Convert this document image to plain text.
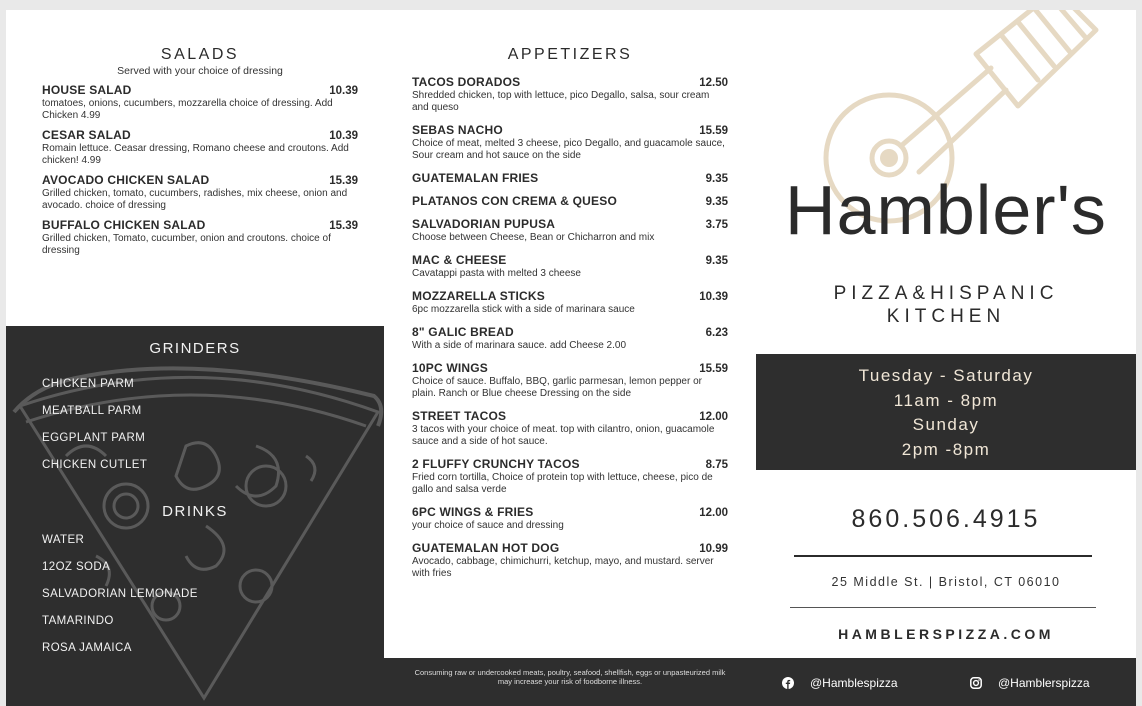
SALADS
Served with your choice of dressing
HOUSE SALAD	10.39
tomatoes, onions, cucumbers, mozzarella choice of dressing. Add Chicken 4.99
CESAR SALAD	10.39
Romain lettuce. Ceasar dressing, Romano cheese and croutons. Add chicken! 4.99
AVOCADO CHICKEN SALAD	15.39
Grilled chicken, tomato, cucumbers, radishes, mix cheese, onion and avocado. choice of dressing
BUFFALO CHICKEN SALAD	15.39
Grilled chicken, Tomato, cucumber, onion and croutons. choice of dressing
GRINDERS
CHICKEN PARM
MEATBALL PARM
EGGPLANT PARM
CHICKEN CUTLET
DRINKS
WATER
12OZ SODA
SALVADORIAN LEMONADE
TAMARINDO
ROSA JAMAICA
APPETIZERS
TACOS DORADOS	12.50
Shredded chicken, top with lettuce, pico Degallo, salsa, sour cream and queso
SEBAS NACHO	15.59
Choice of meat, melted 3 cheese, pico Degallo, and guacamole sauce, Sour cream and hot sauce on the side
GUATEMALAN FRIES	9.35
PLATANOS CON CREMA & QUESO	9.35
SALVADORIAN PUPUSA	3.75
Choose between Cheese, Bean or Chicharron and mix
MAC & CHEESE	9.35
Cavatappi pasta with melted 3 cheese
MOZZARELLA STICKS	10.39
6pc mozzarella stick with a side of marinara sauce
8" GALIC BREAD	6.23
With a side of marinara sauce. add Cheese 2.00
10PC WINGS	15.59
Choice of sauce. Buffalo, BBQ, garlic parmesan, lemon pepper or plain. Ranch or Blue cheese Dressing on the side
STREET TACOS	12.00
3 tacos with your choice of meat. top with cilantro, onion, guacamole sauce and a side of hot sauce.
2 FLUFFY CRUNCHY TACOS	8.75
Fried corn tortilla, Choice of protein top with lettuce, cheese, pico de gallo and salsa verde
6PC WINGS & FRIES	12.00
your choice of sauce and dressing
GUATEMALAN HOT DOG	10.99
Avocado, cabbage, chimichurri, ketchup, mayo, and mustard. server with fries
Consuming raw or undercooked meats, poultry, seafood, shellfish, eggs or unpasteurized milk may increase your risk of foodborne illness.
Hambler's
PIZZA&HISPANIC
KITCHEN
Tuesday - Saturday
11am - 8pm
Sunday
2pm -8pm
860.506.4915
25 Middle St. | Bristol, CT 06010
HAMBLERSPIZZA.COM
@Hamblespizza	@Hamblerspizza
